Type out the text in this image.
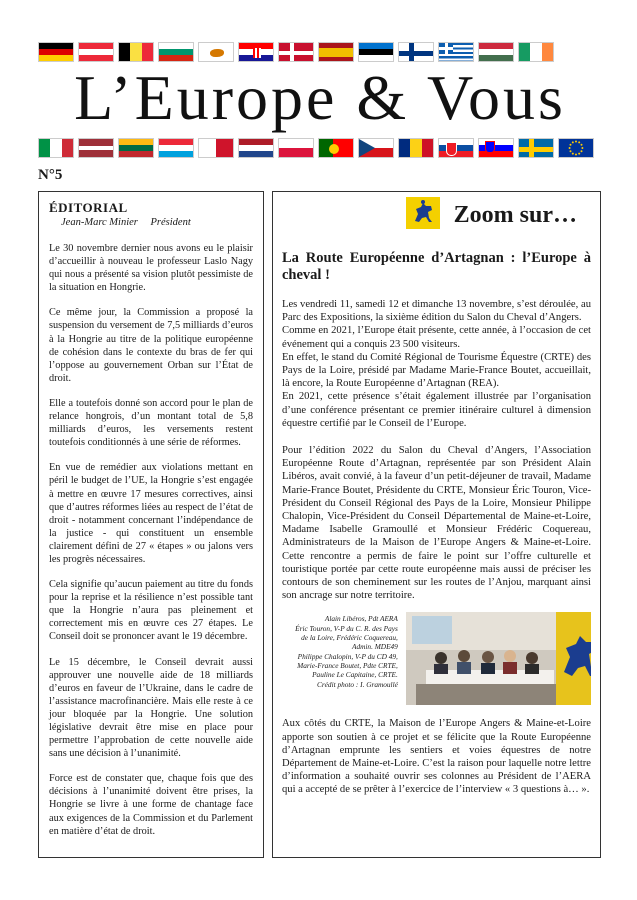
L’Europe & Vous
N°5
ÉDITORIAL
Jean-Marc Minier Président

Le 30 novembre dernier nous avons eu le plaisir d’accueillir à nouveau le professeur Laslo Nagy qui nous a présenté sa vision plutôt pessimiste de la situation en Hongrie.

Ce même jour, la Commission a proposé la suspension du versement de 7,5 milliards d’euros à la Hongrie au titre de la politique européenne de cohésion dans le contexte du bras de fer qui l’oppose au gouvernement Orban sur l’État de droit.

Elle a toutefois donné son accord pour le plan de relance hongrois, d’un montant total de 5,8 milliards d’euros, les versements restent toutefois conditionnés à une série de réformes.

En vue de remédier aux violations mettant en péril le budget de l’UE, la Hongrie s’est engagée à mettre en œuvre 17 mesures correctives, ainsi que d’autres réformes liées au respect de l’état de droit - notamment concernant l’indépendance de la justice - qui constituent un ensemble clairement défini de 27 « étapes » ou jalons vers les progrès nécessaires.

Cela signifie qu’aucun paiement au titre du fonds pour la reprise et la résilience n’est possible tant que la Hongrie n’aura pas pleinement et correctement mis en œuvre ces 27 étapes. Le Conseil doit se prononcer avant le 19 décembre.

Le 15 décembre, le Conseil devrait aussi approuver une nouvelle aide de 18 milliards d’euros en faveur de l’Ukraine, dans le cadre de l’assistance macrofinancière. Mais elle reste à ce jour bloquée par la Hongrie. Une solution législative devrait être mise en place pour permettre l’approbation de cette nouvelle aide sans une décision à l’unanimité.

Force est de constater que, chaque fois que des décisions à l’unanimité doivent être prises, la Hongrie se livre à une forme de chantage face aux exigences de la Commission et du Parlement en matière d’état de droit.

Zoom sur…
La Route Européenne d’Artagnan : l’Europe à cheval !

Les vendredi 11, samedi 12 et dimanche 13 novembre, s’est déroulée, au Parc des Expositions, la sixième édition du Salon du Cheval d’Angers.

Comme en 2021, l’Europe était présente, cette année, à l’occasion de cet événement qui a conquis 23 500 visiteurs.

En effet, le stand du Comité Régional de Tourisme Équestre (CRTE) des Pays de la Loire, présidé par Madame Marie-France Boutet, accueillait, là encore, la Route Européenne d’Artagnan (REA).

En 2021, cette présence s’était également illustrée par l’organisation d’une conférence présentant ce premier itinéraire culturel à dimension équestre certifié par le Conseil de l’Europe.

Pour l’édition 2022 du Salon du Cheval d’Angers, l’Association Européenne Route d’Artagnan, représentée par son Président Alain Libéros, avait convié, à la faveur d’un petit-déjeuner de travail, Madame Marie-France Boutet, Présidente du CRTE, Monsieur Éric Touron, Vice-Président du Conseil Régional des Pays de la Loire, Monsieur Philippe Chalopin, Vice-Président du Conseil Départemental de Maine-et-Loire, Madame Isabelle Gramoullé et Monsieur Frédéric Coquereau, Administrateurs de la Maison de l’Europe Angers & Maine-et-Loire. Cette rencontre a permis de faire le point sur l’offre culturelle et touristique portée par cette route européenne mais aussi de préciser les contours de son cheminement sur les routes de l’Anjou, marquant ainsi son ancrage sur notre territoire.

Alain Libéros, Pdt AERA
Éric Touron, V-P du C. R. des Pays
de la Loire, Frédéric Coquereau,
Admin. MDE49
Philippe Chalopin, V-P du CD 49,
Marie-France Boutet, Pdte CRTE,
Pauline Le Capitaine, CRTE.
Crédit photo : I. Gramoullé

Aux côtés du CRTE, la Maison de l’Europe Angers & Maine-et-Loire apporte son soutien à ce projet et se félicite que la Route Européenne d’Artagnan emprunte les sentiers et voies équestres de notre Département de Maine-et-Loire. C’est la raison pour laquelle notre lettre d’information a souhaité ouvrir ses colonnes au Président de l’AERA qui a accepté de se prêter à l’exercice de l’interview « 3 questions à… ».
